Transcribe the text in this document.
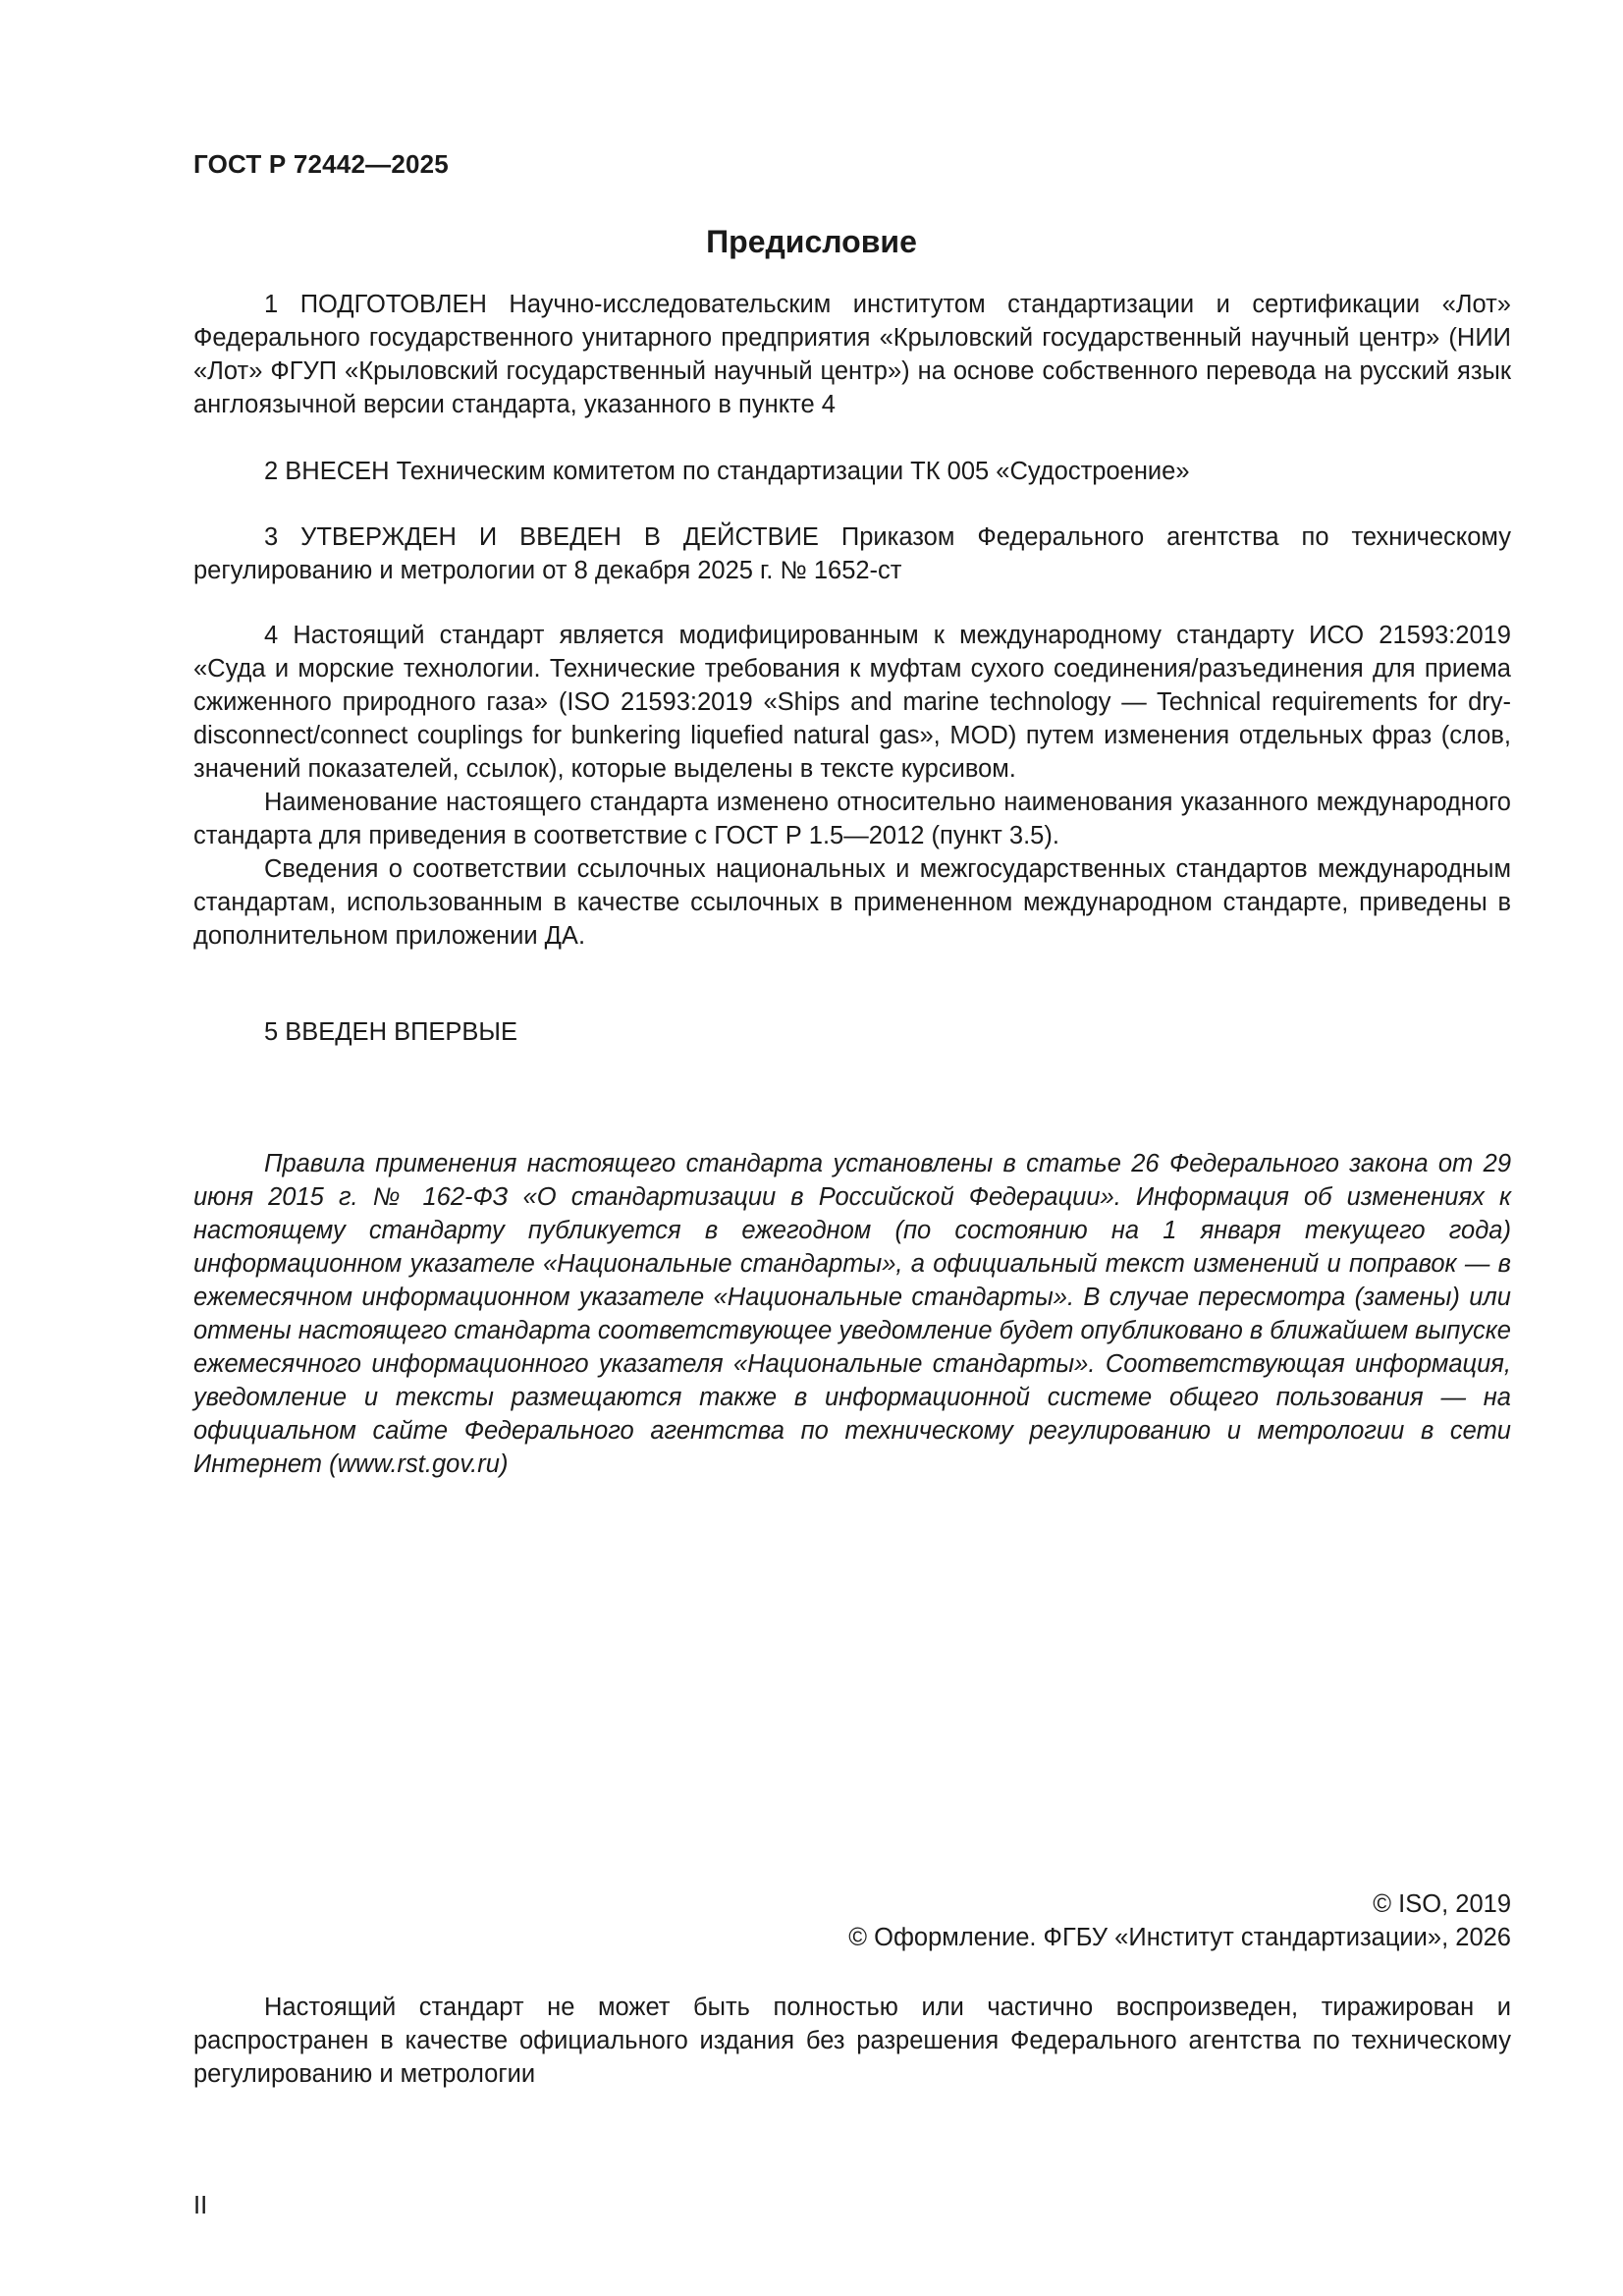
ГОСТ Р 72442—2025
Предисловие

1 ПОДГОТОВЛЕН Научно-исследовательским институтом стандартизации и сертификации «Лот» Федерального государственного унитарного предприятия «Крыловский государственный научный центр» (НИИ «Лот» ФГУП «Крыловский государственный научный центр») на основе собственного перевода на русский язык англоязычной версии стандарта, указанного в пункте 4

2 ВНЕСЕН Техническим комитетом по стандартизации ТК 005 «Судостроение»

3 УТВЕРЖДЕН И ВВЕДЕН В ДЕЙСТВИЕ Приказом Федерального агентства по техническому регулированию и метрологии от 8 декабря 2025 г. № 1652-ст

4 Настоящий стандарт является модифицированным к международному стандарту ИСО 21593:2019 «Суда и морские технологии. Технические требования к муфтам сухого соединения/разъединения для приема сжиженного природного газа» (ISO 21593:2019 «Ships and marine technology — Technical requirements for dry-disconnect/connect couplings for bunkering liquefied natural gas», MOD) путем изменения отдельных фраз (слов, значений показателей, ссылок), которые выделены в тексте курсивом.

Наименование настоящего стандарта изменено относительно наименования указанного международного стандарта для приведения в соответствие с ГОСТ Р 1.5—2012 (пункт 3.5).

Сведения о соответствии ссылочных национальных и межгосударственных стандартов международным стандартам, использованным в качестве ссылочных в примененном международном стандарте, приведены в дополнительном приложении ДА.

5 ВВЕДЕН ВПЕРВЫЕ

Правила применения настоящего стандарта установлены в статье 26 Федерального закона от 29 июня 2015 г. № 162-ФЗ «О стандартизации в Российской Федерации». Информация об изменениях к настоящему стандарту публикуется в ежегодном (по состоянию на 1 января текущего года) информационном указателе «Национальные стандарты», а официальный текст изменений и поправок — в ежемесячном информационном указателе «Национальные стандарты». В случае пересмотра (замены) или отмены настоящего стандарта соответствующее уведомление будет опубликовано в ближайшем выпуске ежемесячного информационного указателя «Национальные стандарты». Соответствующая информация, уведомление и тексты размещаются также в информационной системе общего пользования — на официальном сайте Федерального агентства по техническому регулированию и метрологии в сети Интернет (www.rst.gov.ru)

© ISO, 2019
© Оформление. ФГБУ «Институт стандартизации», 2026

Настоящий стандарт не может быть полностью или частично воспроизведен, тиражирован и распространен в качестве официального издания без разрешения Федерального агентства по техническому регулированию и метрологии

II
